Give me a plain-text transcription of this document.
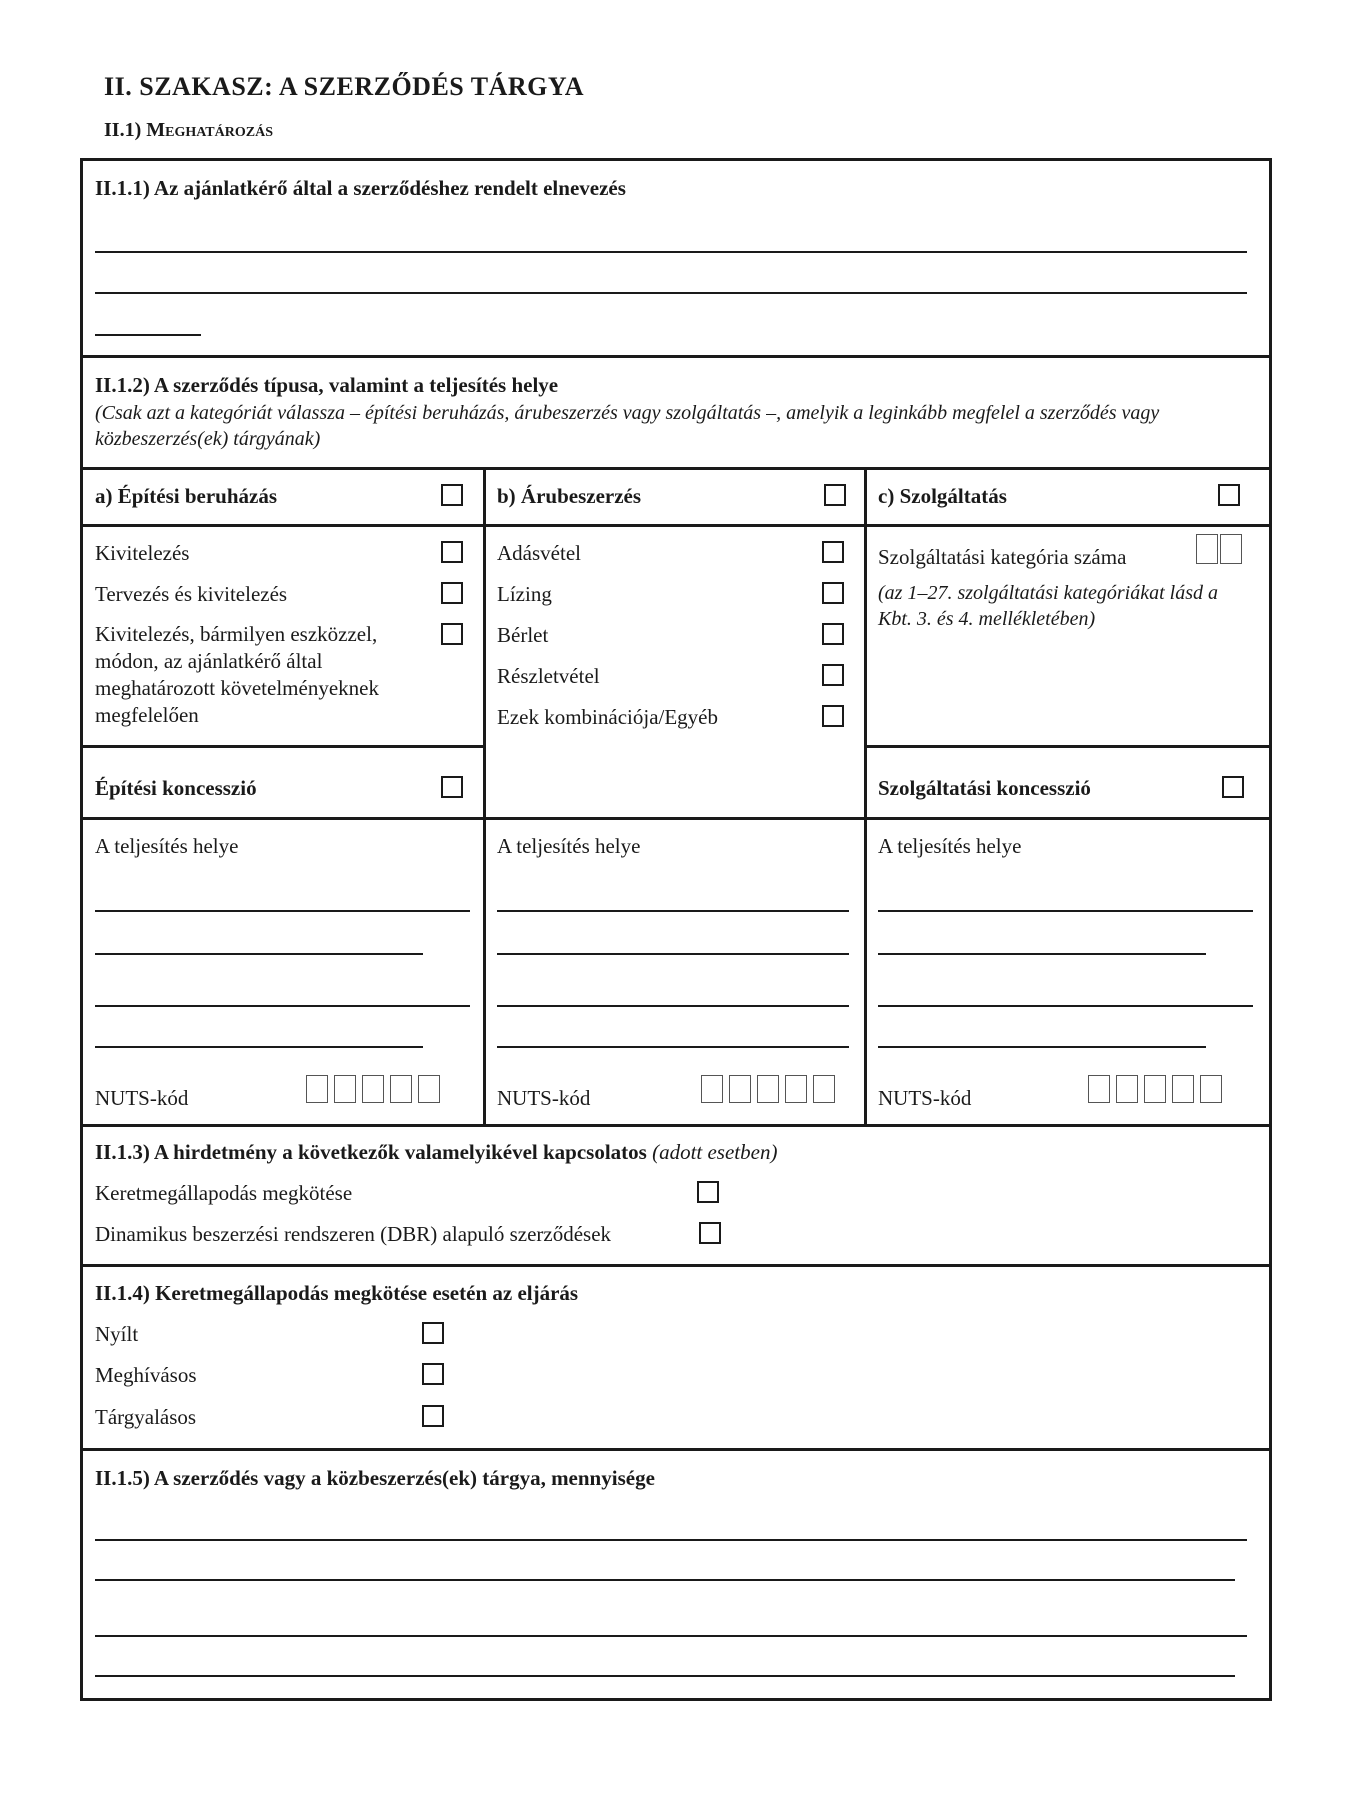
II. SZAKASZ: A SZERZŐDÉS TÁRGYA
II.1) Meghatározás
II.1.1) Az ajánlatkérő által a szerződéshez rendelt elnevezés
II.1.2) A szerződés típusa, valamint a teljesítés helye
(Csak azt a kategóriát válassza – építési beruházás, árubeszerzés vagy szolgáltatás –, amelyik a leginkább megfelel a szerződés vagy közbeszerzés(ek) tárgyának)
a) Építési beruházás	b) Árubeszerzés	c) Szolgáltatás
Kivitelezés
Tervezés és kivitelezés
Kivitelezés, bármilyen eszközzel, módon, az ajánlatkérő által meghatározott követelményeknek megfelelően
Adásvétel
Lízing
Bérlet
Részletvétel
Ezek kombinációja/Egyéb
Szolgáltatási kategória száma
(az 1–27. szolgáltatási kategóriákat lásd a Kbt. 3. és 4. mellékletében)
Építési koncesszió	Szolgáltatási koncesszió
A teljesítés helye
NUTS-kód
A teljesítés helye
NUTS-kód
A teljesítés helye
NUTS-kód
II.1.3) A hirdetmény a következők valamelyikével kapcsolatos (adott esetben)
Keretmegállapodás megkötése
Dinamikus beszerzési rendszeren (DBR) alapuló szerződések
II.1.4) Keretmegállapodás megkötése esetén az eljárás
Nyílt
Meghívásos
Tárgyalásos
II.1.5) A szerződés vagy a közbeszerzés(ek) tárgya, mennyisége
